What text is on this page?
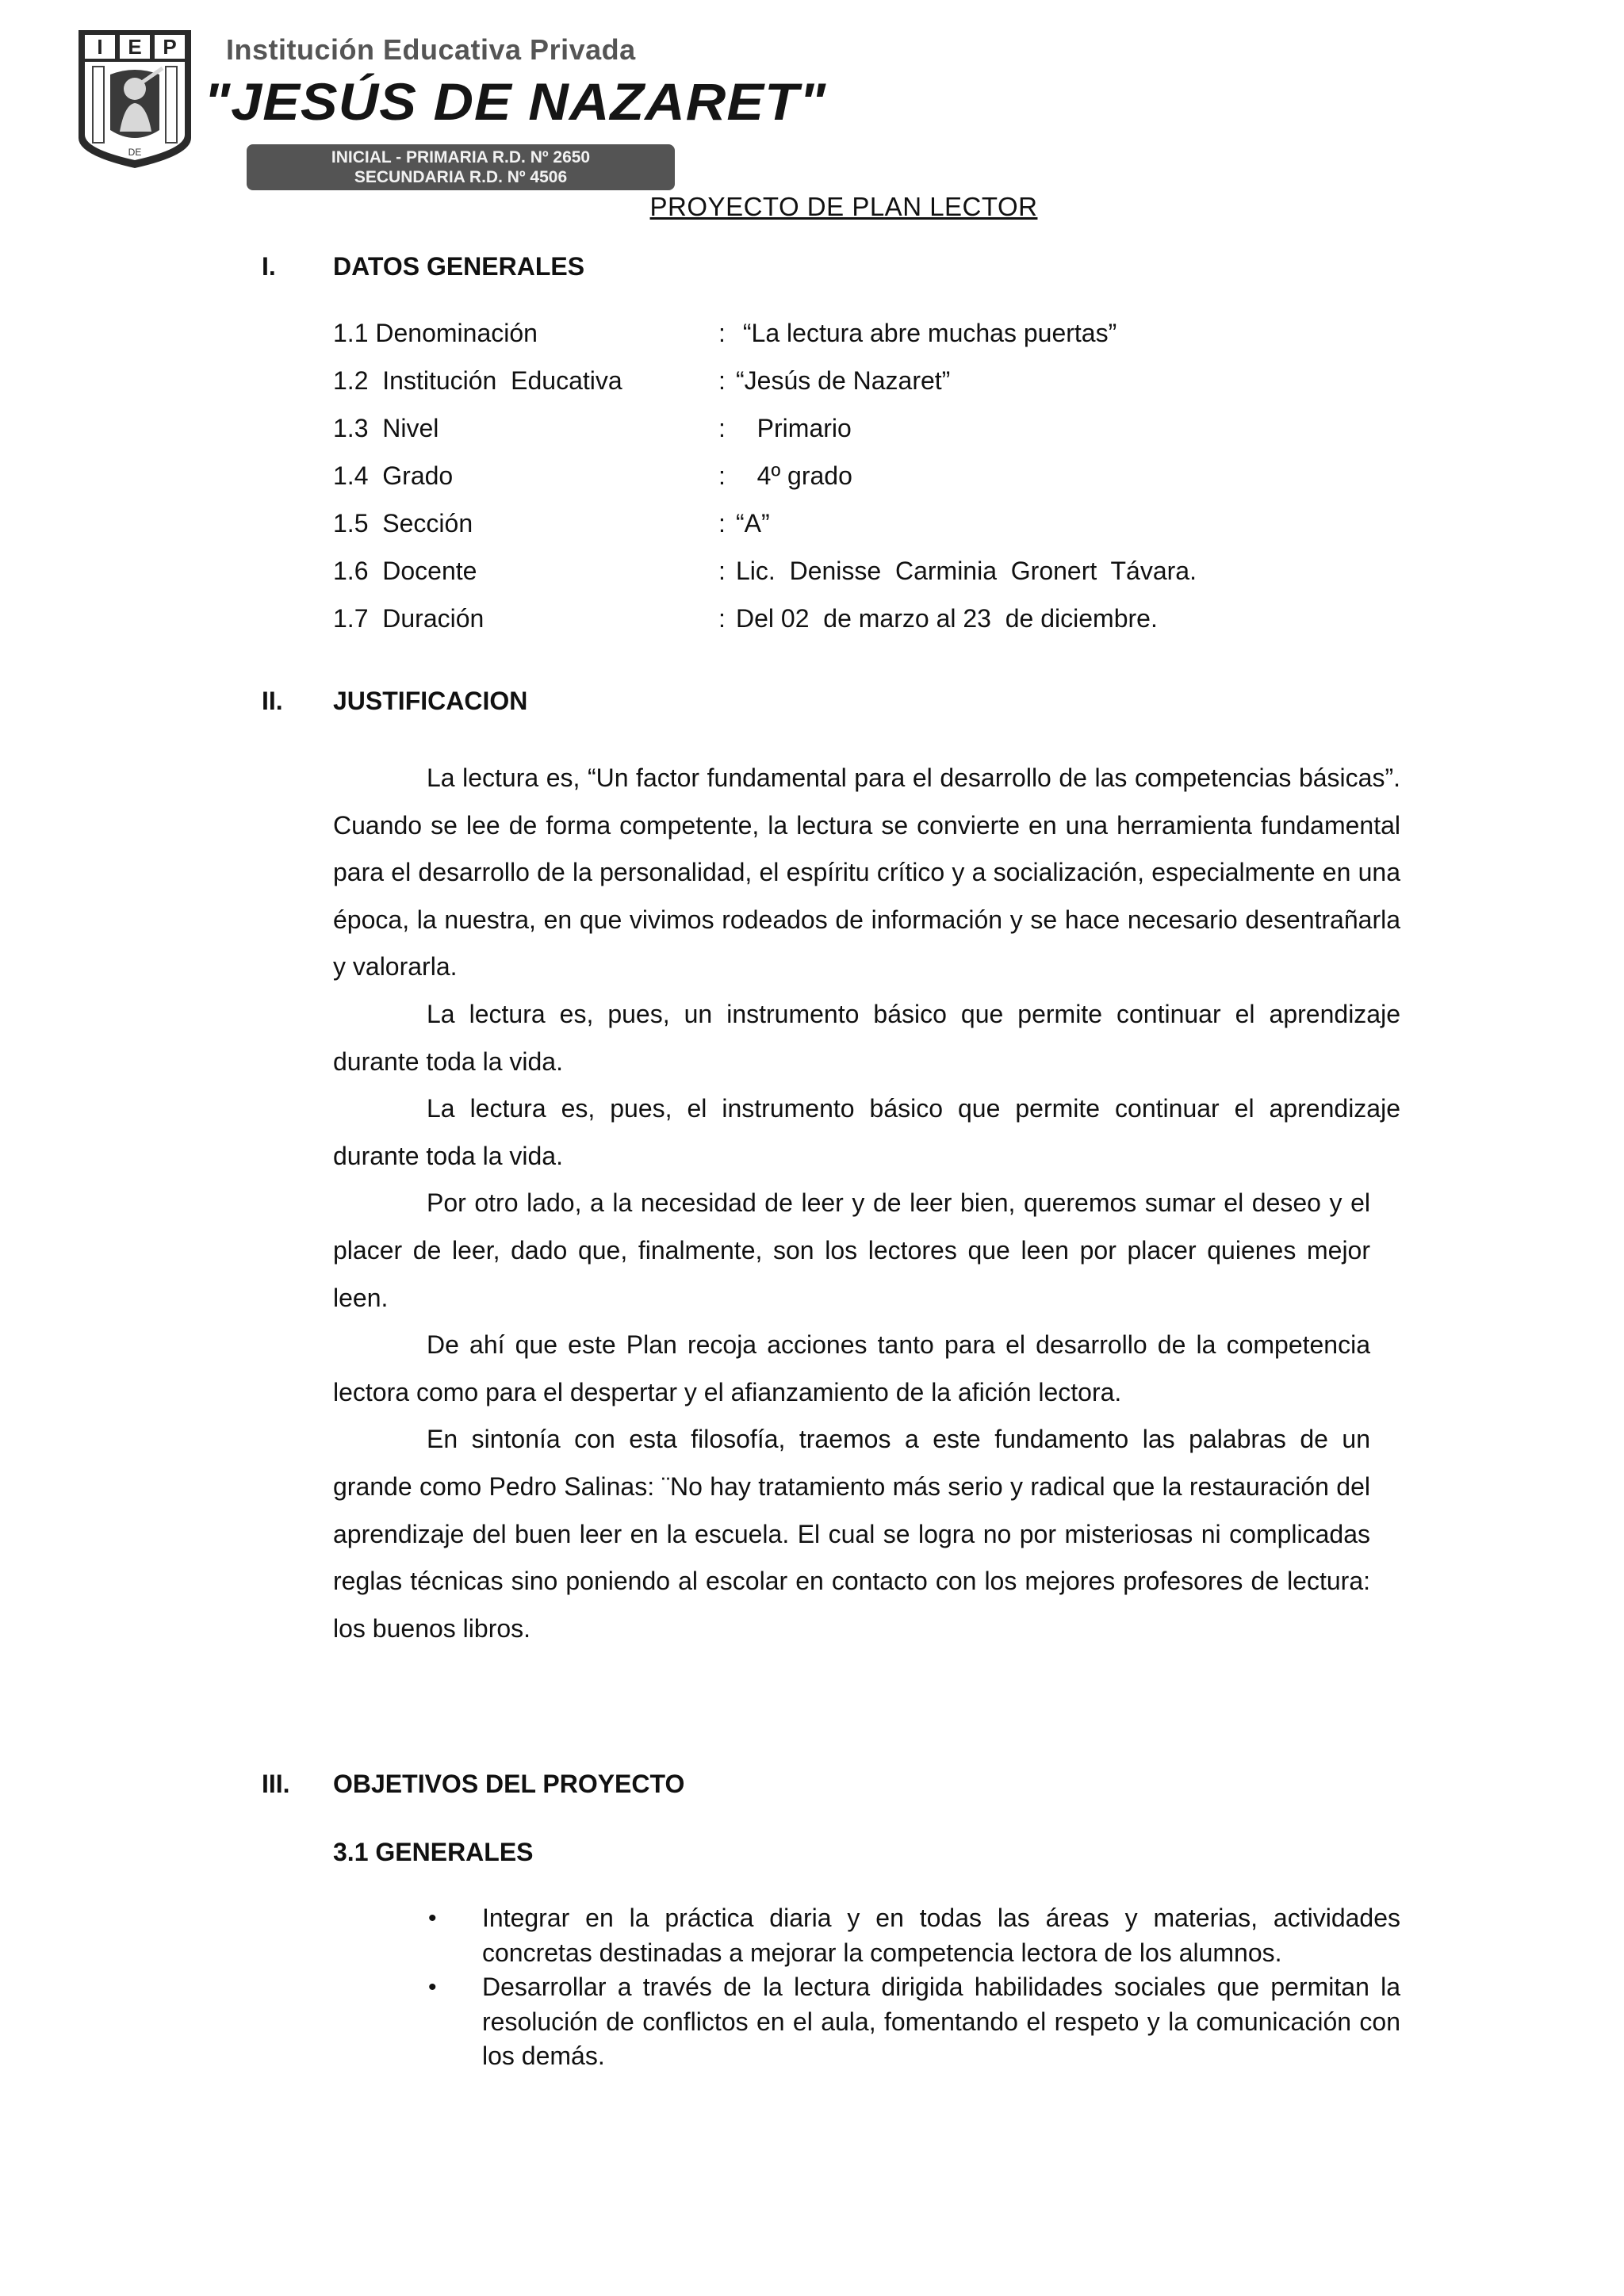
I E P
DE
Institución Educativa Privada
"JESÚS DE NAZARET"
INICIAL - PRIMARIA R.D. Nº 2650
SECUNDARIA R.D. Nº 4506
PROYECTO DE PLAN LECTOR
I. DATOS GENERALES
1.1 Denominación	: “La lectura abre muchas puertas”
1.2  Institución  Educativa	: “Jesús de Nazaret”
1.3  Nivel	: Primario
1.4  Grado	: 4º grado
1.5  Sección	: “A”
1.6  Docente	: Lic.  Denisse  Carminia  Gronert  Távara.
1.7  Duración	: Del 02  de marzo al 23  de diciembre.
II. JUSTIFICACION

La lectura es, “Un factor fundamental para el desarrollo de las competencias básicas”. Cuando se lee de forma competente, la lectura se convierte en una herramienta fundamental para el desarrollo de la personalidad, el espíritu crítico y a socialización, especialmente en una época, la nuestra, en que vivimos rodeados de información y se hace necesario desentrañarla y valorarla.

La lectura es, pues, un instrumento básico que permite continuar el aprendizaje durante toda la vida.

La lectura es, pues, el instrumento básico que permite continuar el aprendizaje durante toda la vida.

Por otro lado, a la necesidad de leer y de leer bien, queremos sumar el deseo y el placer de leer, dado que, finalmente, son los lectores que leen por placer quienes mejor leen.

De ahí que este Plan recoja acciones tanto para el desarrollo de la competencia lectora como para el despertar y el afianzamiento de la afición lectora.

En sintonía con esta filosofía, traemos a este fundamento las palabras de un grande como Pedro Salinas: ¨No hay tratamiento más serio y radical que la restauración del aprendizaje del buen leer en la escuela. El cual se logra no por misteriosas ni complicadas reglas técnicas sino poniendo al escolar en contacto con los mejores profesores de lectura: los buenos libros.

III. OBJETIVOS DEL PROYECTO
3.1 GENERALES
• Integrar en la práctica diaria y en todas las áreas y materias, actividades concretas destinadas a mejorar la competencia lectora de los alumnos.
• Desarrollar a través de la lectura dirigida habilidades sociales que permitan la resolución de conflictos en el aula, fomentando el respeto y la comunicación con los demás.
